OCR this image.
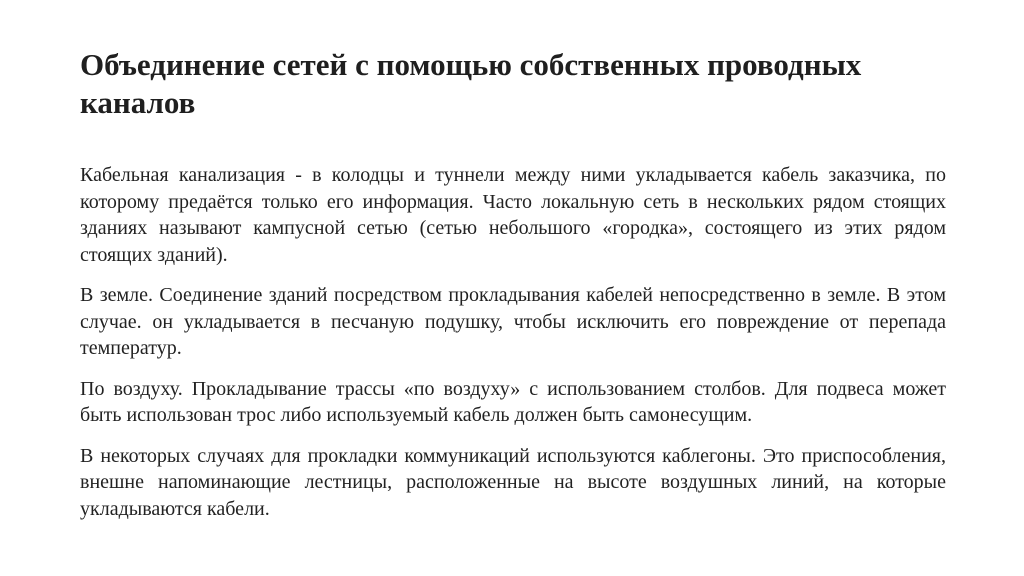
Объединение сетей с помощью собственных проводных каналов

Кабельная канализация - в колодцы и туннели между ними укладывается кабель заказчика, по которому предаётся только его информация. Часто локальную сеть в нескольких рядом стоящих зданиях называют кампусной сетью (сетью небольшого «городка», состоящего из этих рядом стоящих зданий).

В земле. Соединение зданий посредством прокладывания кабелей непосредственно в земле. В этом случае. он укладывается в песчаную подушку, чтобы исключить его повреждение от перепада температур.

По воздуху. Прокладывание трассы «по воздуху» с использованием столбов. Для подвеса может быть использован трос либо используемый кабель должен быть самонесущим.

В некоторых случаях для прокладки коммуникаций используются каблегоны. Это приспособления, внешне напоминающие лестницы, расположенные на высоте воздушных линий, на которые укладываются кабели.
